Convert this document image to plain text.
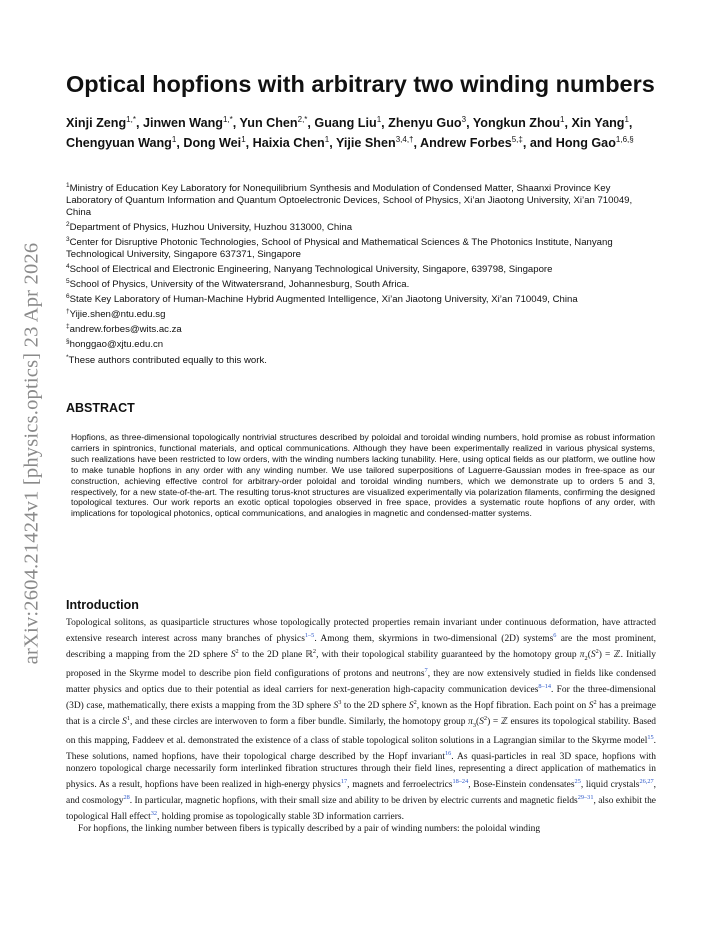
arXiv:2604.21424v1 [physics.optics] 23 Apr 2026
Optical hopfions with arbitrary two winding numbers
Xinji Zeng$^{1,*}$, Jinwen Wang$^{1,*}$, Yun Chen$^{2,*}$, Guang Liu$^1$, Zhenyu Guo$^3$, Yongkun Zhou$^1$, Xin Yang$^1$, Chengyuan Wang$^1$, Dong Wei$^1$, Haixia Chen$^1$, Yijie Shen$^{3,4,\dagger}$, Andrew Forbes$^{5,\ddagger}$, and Hong Gao$^{1,6,\S}$
$^1$Ministry of Education Key Laboratory for Nonequilibrium Synthesis and Modulation of Condensed Matter, Shaanxi Province Key Laboratory of Quantum Information and Quantum Optoelectronic Devices, School of Physics, Xi’an Jiaotong University, Xi’an 710049, China
$^2$Department of Physics, Huzhou University, Huzhou 313000, China
$^3$Center for Disruptive Photonic Technologies, School of Physical and Mathematical Sciences & The Photonics Institute, Nanyang Technological University, Singapore 637371, Singapore
$^4$School of Electrical and Electronic Engineering, Nanyang Technological University, Singapore, 639798, Singapore
$^5$School of Physics, University of the Witwatersrand, Johannesburg, South Africa.
$^6$State Key Laboratory of Human-Machine Hybrid Augmented Intelligence, Xi’an Jiaotong University, Xi’an 710049, China
†Yijie.shen@ntu.edu.sg
‡andrew.forbes@wits.ac.za
§honggao@xjtu.edu.cn
*These authors contributed equally to this work.
ABSTRACT

Hopfions, as three-dimensional topologically nontrivial structures described by poloidal and toroidal winding numbers, hold promise as robust information carriers in spintronics, functional materials, and optical communications. Although they have been experimentally realized in various physical systems, such realizations have been restricted to low orders, with the winding numbers lacking tunability. Here, using optical fields as our platform, we outline how to make tunable hopfions in any order with any winding number. We use tailored superpositions of Laguerre-Gaussian modes in free-space as our construction, achieving effective control for arbitrary-order poloidal and toroidal winding numbers, which we demonstrate up to orders 5 and 3, respectively, for a new state-of-the-art. The resulting torus-knot structures are visualized experimentally via polarization filaments, confirming the designed topological textures. Our work reports an exotic optical topologies observed in free space, provides a systematic route hopfions of any order, with implications for topological photonics, optical communications, and analogies in magnetic and condensed-matter systems.

Introduction

Topological solitons, as quasiparticle structures whose topologically protected properties remain invariant under continuous deformation, have attracted extensive research interest across many branches of physics$^{1-5}$. Among them, skyrmions in two-dimensional (2D) systems$^6$ are the most prominent, describing a mapping from the 2D sphere $S^2$ to the 2D plane ℝ$^2$, with their topological stability guaranteed by the homotopy group $\pi_2(S^2)$ = ℤ. Initially proposed in the Skyrme model to describe pion field configurations of protons and neutrons$^7$, they are now extensively studied in fields like condensed matter physics and optics due to their potential as ideal carriers for next-generation high-capacity communication devices$^{8-14}$. For the three-dimensional (3D) case, mathematically, there exists a mapping from the 3D sphere $S^3$ to the 2D sphere $S^2$, known as the Hopf fibration. Each point on $S^2$ has a preimage that is a circle $S^1$, and these circles are interwoven to form a fiber bundle. Similarly, the homotopy group $\pi_3(S^2)$ = ℤ ensures its topological stability. Based on this mapping, Faddeev et al. demonstrated the existence of a class of stable topological soliton solutions in a Lagrangian similar to the Skyrme model$^{15}$. These solutions, named hopfions, have their topological charge described by the Hopf invariant$^{16}$. As quasi-particles in real 3D space, hopfions with nonzero topological charge necessarily form interlinked fibration structures through their field lines, representing a direct application of mathematics in physics. As a result, hopfions have been realized in high-energy physics$^{17}$, magnets and ferroelectrics$^{18-24}$, Bose-Einstein condensates$^{25}$, liquid crystals$^{26,27}$, and cosmology$^{28}$. In particular, magnetic hopfions, with their small size and ability to be driven by electric currents and magnetic fields$^{29-31}$, also exhibit the topological Hall effect$^{32}$, holding promise as topologically stable 3D information carriers.

For hopfions, the linking number between fibers is typically described by a pair of winding numbers: the poloidal winding
